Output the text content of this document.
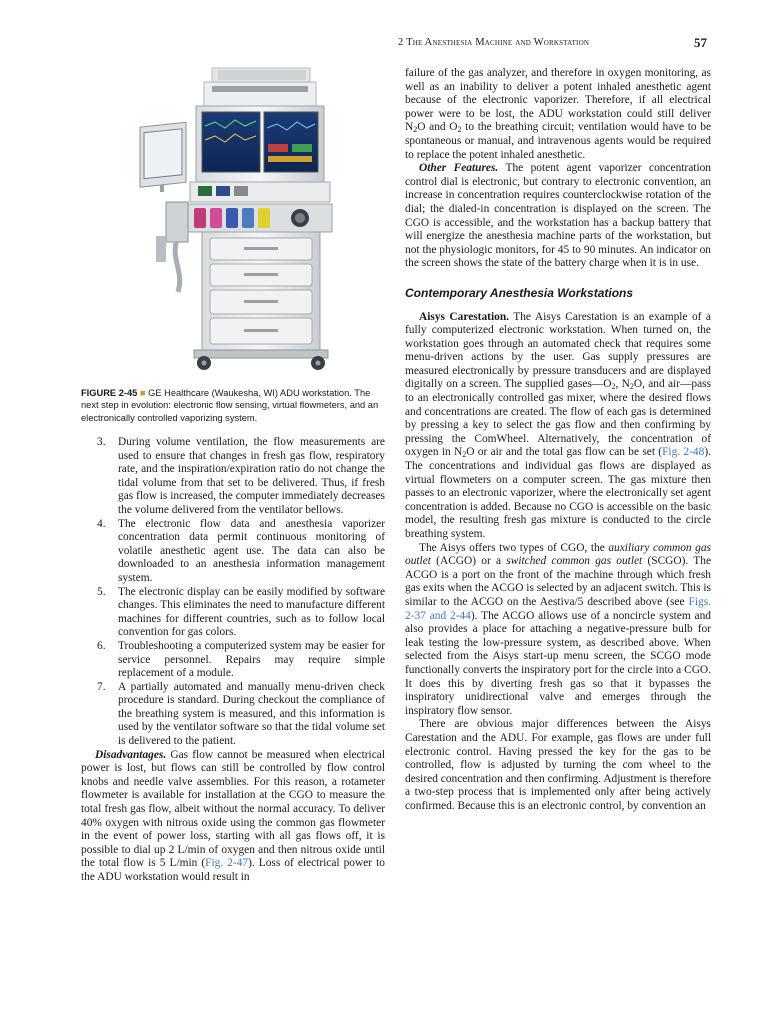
2 The Anesthesia Machine and Workstation	57
FIGURE 2-45 ■ GE Healthcare (Waukesha, WI) ADU workstation. The next step in evolution: electronic flow sensing, virtual flowmeters, and an electronically controlled vaporizing system.
3. During volume ventilation, the flow measurements are used to ensure that changes in fresh gas flow, respiratory rate, and the inspiration/expiration ratio do not change the tidal volume from that set to be delivered. Thus, if fresh gas flow is increased, the computer immediately decreases the volume delivered from the ventilator bellows.
4. The electronic flow data and anesthesia vaporizer concentration data permit continuous monitoring of volatile anesthetic agent use. The data can also be downloaded to an anesthesia information management system.
5. The electronic display can be easily modified by software changes. This eliminates the need to manufacture different machines for different countries, such as to follow local convention for gas colors.
6. Troubleshooting a computerized system may be easier for service personnel. Repairs may require simple replacement of a module.
7. A partially automated and manually menu-driven check procedure is standard. During checkout the compliance of the breathing system is measured, and this information is used by the ventilator software so that the tidal volume set is delivered to the patient.

Disadvantages. Gas flow cannot be measured when electrical power is lost, but flows can still be controlled by flow control knobs and needle valve assemblies. For this reason, a rotameter flowmeter is available for installation at the CGO to measure the total fresh gas flow, albeit without the normal accuracy. To deliver 40% oxygen with nitrous oxide using the common gas flowmeter in the event of power loss, starting with all gas flows off, it is possible to dial up 2 L/min of oxygen and then nitrous oxide until the total flow is 5 L/min (Fig. 2-47). Loss of electrical power to the ADU workstation would result in

failure of the gas analyzer, and therefore in oxygen monitoring, as well as an inability to deliver a potent inhaled anesthetic agent because of the electronic vaporizer. Therefore, if all electrical power were to be lost, the ADU workstation could still deliver $N_2O$ and $O_2$ to the breathing circuit; ventilation would have to be spontaneous or manual, and intravenous agents would be required to replace the potent inhaled anesthetic.

Other Features. The potent agent vaporizer concentration control dial is electronic, but contrary to electronic convention, an increase in concentration requires counterclockwise rotation of the dial; the dialed-in concentration is displayed on the screen. The CGO is accessible, and the workstation has a backup battery that will energize the anesthesia machine parts of the workstation, but not the physiologic monitors, for 45 to 90 minutes. An indicator on the screen shows the state of the battery charge when it is in use.

Contemporary Anesthesia Workstations

Aisys Carestation. The Aisys Carestation is an example of a fully computerized electronic workstation. When turned on, the workstation goes through an automated check that requires some menu-driven actions by the user. Gas supply pressures are measured electronically by pressure transducers and are displayed digitally on a screen. The supplied $gases—O_2$, $N_2O$, and air—pass to an electronically controlled gas mixer, where the desired flows and concentrations are created. The flow of each gas is determined by pressing a key to select the gas flow and then confirming by pressing the ComWheel. Alternatively, the concentration of oxygen in $N_2O$ or air and the total gas flow can be set (Fig. 2-48). The concentrations and individual gas flows are displayed as virtual flowmeters on a computer screen. The gas mixture then passes to an electronic vaporizer, where the electronically set agent concentration is added. Because no CGO is accessible on the basic model, the resulting fresh gas mixture is conducted to the circle breathing system.

The Aisys offers two types of CGO, the auxiliary common gas outlet (ACGO) or a switched common gas outlet (SCGO). The ACGO is a port on the front of the machine through which fresh gas exits when the ACGO is selected by an adjacent switch. This is similar to the ACGO on the Aestiva/5 described above (see Figs. 2-37 and 2-44). The ACGO allows use of a noncircle system and also provides a place for attaching a negative-pressure bulb for leak testing the low-pressure system, as described above. When selected from the Aisys start-up menu screen, the SCGO mode functionally converts the inspiratory port for the circle into a CGO. It does this by diverting fresh gas so that it bypasses the inspiratory unidirectional valve and emerges through the inspiratory flow sensor.

There are obvious major differences between the Aisys Carestation and the ADU. For example, gas flows are under full electronic control. Having pressed the key for the gas to be controlled, flow is adjusted by turning the com wheel to the desired concentration and then confirming. Adjustment is therefore a two-step process that is implemented only after being actively confirmed. Because this is an electronic control, by convention an
